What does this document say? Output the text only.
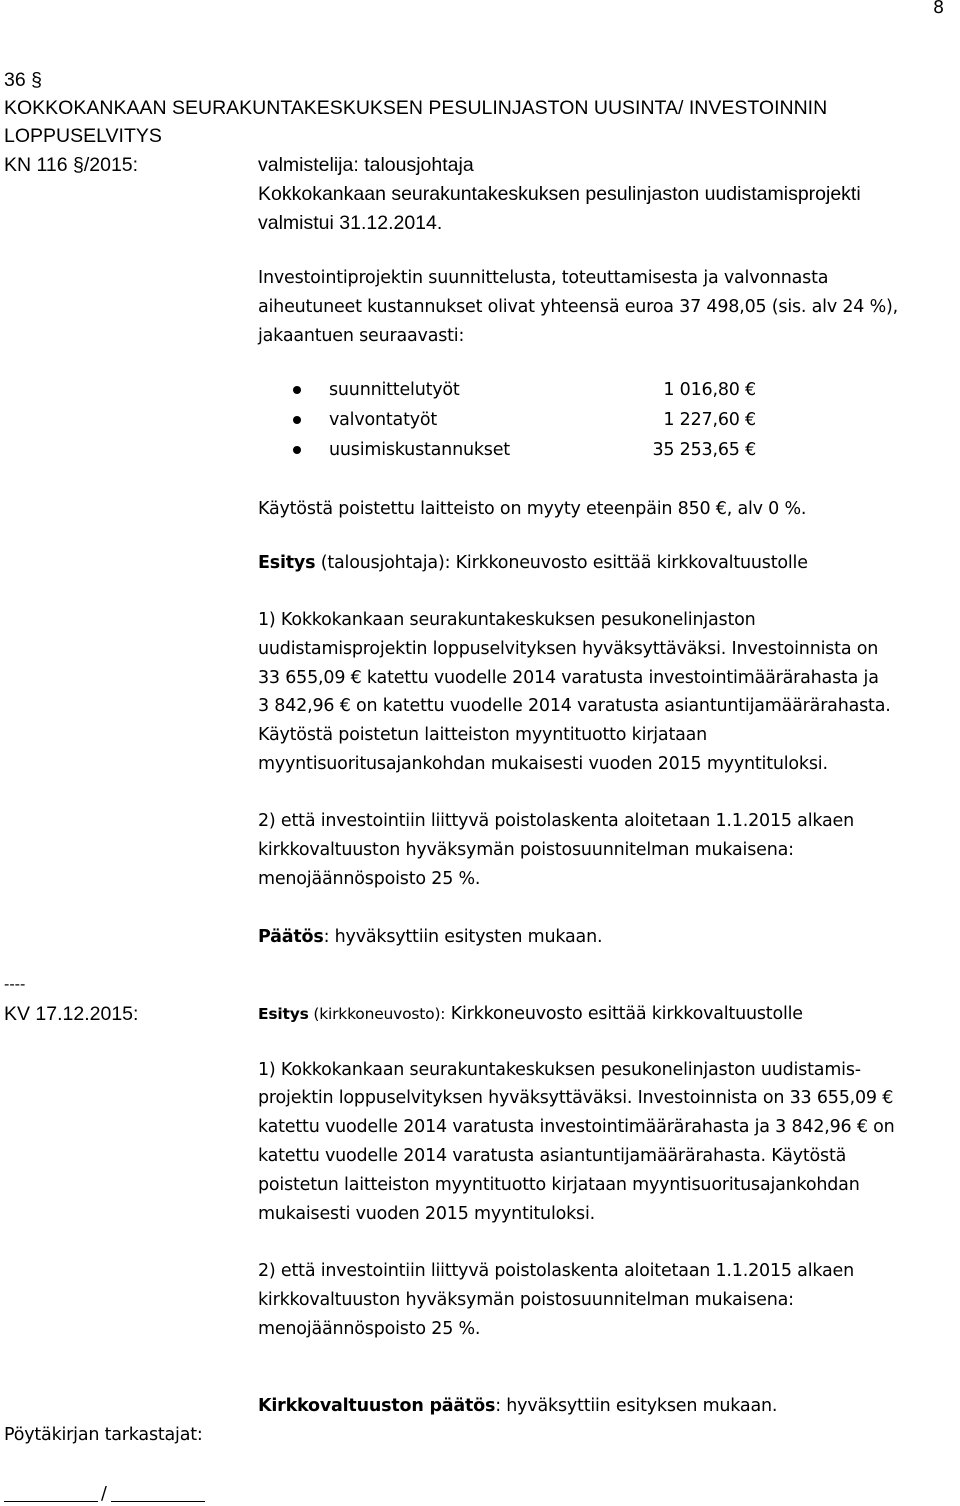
8
36 §
KOKKOKANKAAN SEURAKUNTAKESKUKSEN PESULINJASTON UUSINTA/ INVESTOINNIN
LOPPUSELVITYS
KN 116 §/2015:	valmistelija: talousjohtaja
Kokkokankaan seurakuntakeskuksen pesulinjaston uudistamisprojekti
valmistui 31.12.2014.
Investointiprojektin suunnittelusta, toteuttamisesta ja valvonnasta
aiheutuneet kustannukset olivat yhteensä euroa 37 498,05 (sis. alv 24 %),
jakaantuen seuraavasti:
suunnittelutyöt	1 016,80 €
valvontatyöt	1 227,60 €
uusimiskustannukset	35 253,65 €
Käytöstä poistettu laitteisto on myyty eteenpäin 850 €, alv 0 %.
Esitys (talousjohtaja): Kirkkoneuvosto esittää kirkkovaltuustolle
1) Kokkokankaan seurakuntakeskuksen pesukonelinjaston
uudistamisprojektin loppuselvityksen hyväksyttäväksi. Investoinnista on
33 655,09 € katettu vuodelle 2014 varatusta investointimäärärahasta ja
3 842,96 € on katettu vuodelle 2014 varatusta asiantuntijamäärärahasta.
Käytöstä poistetun laitteiston myyntituotto kirjataan
myyntisuoritusajankohdan mukaisesti vuoden 2015 myyntituloksi.
2) että investointiin liittyvä poistolaskenta aloitetaan 1.1.2015 alkaen
kirkkovaltuuston hyväksymän poistosuunnitelman mukaisena:
menojäännöspoisto 25 %.
Päätös: hyväksyttiin esitysten mukaan.
----
KV 17.12.2015:	Esitys (kirkkoneuvosto): Kirkkoneuvosto esittää kirkkovaltuustolle
1) Kokkokankaan seurakuntakeskuksen pesukonelinjaston uudistamis-
projektin loppuselvityksen hyväksyttäväksi. Investoinnista on 33 655,09 €
katettu vuodelle 2014 varatusta investointimäärärahasta ja 3 842,96 € on
katettu vuodelle 2014 varatusta asiantuntijamäärärahasta. Käytöstä
poistetun laitteiston myyntituotto kirjataan myyntisuoritusajankohdan
mukaisesti vuoden 2015 myyntituloksi.
2) että investointiin liittyvä poistolaskenta aloitetaan 1.1.2015 alkaen
kirkkovaltuuston hyväksymän poistosuunnitelman mukaisena:
menojäännöspoisto 25 %.
Kirkkovaltuuston päätös: hyväksyttiin esityksen mukaan.
Pöytäkirjan tarkastajat:
/
